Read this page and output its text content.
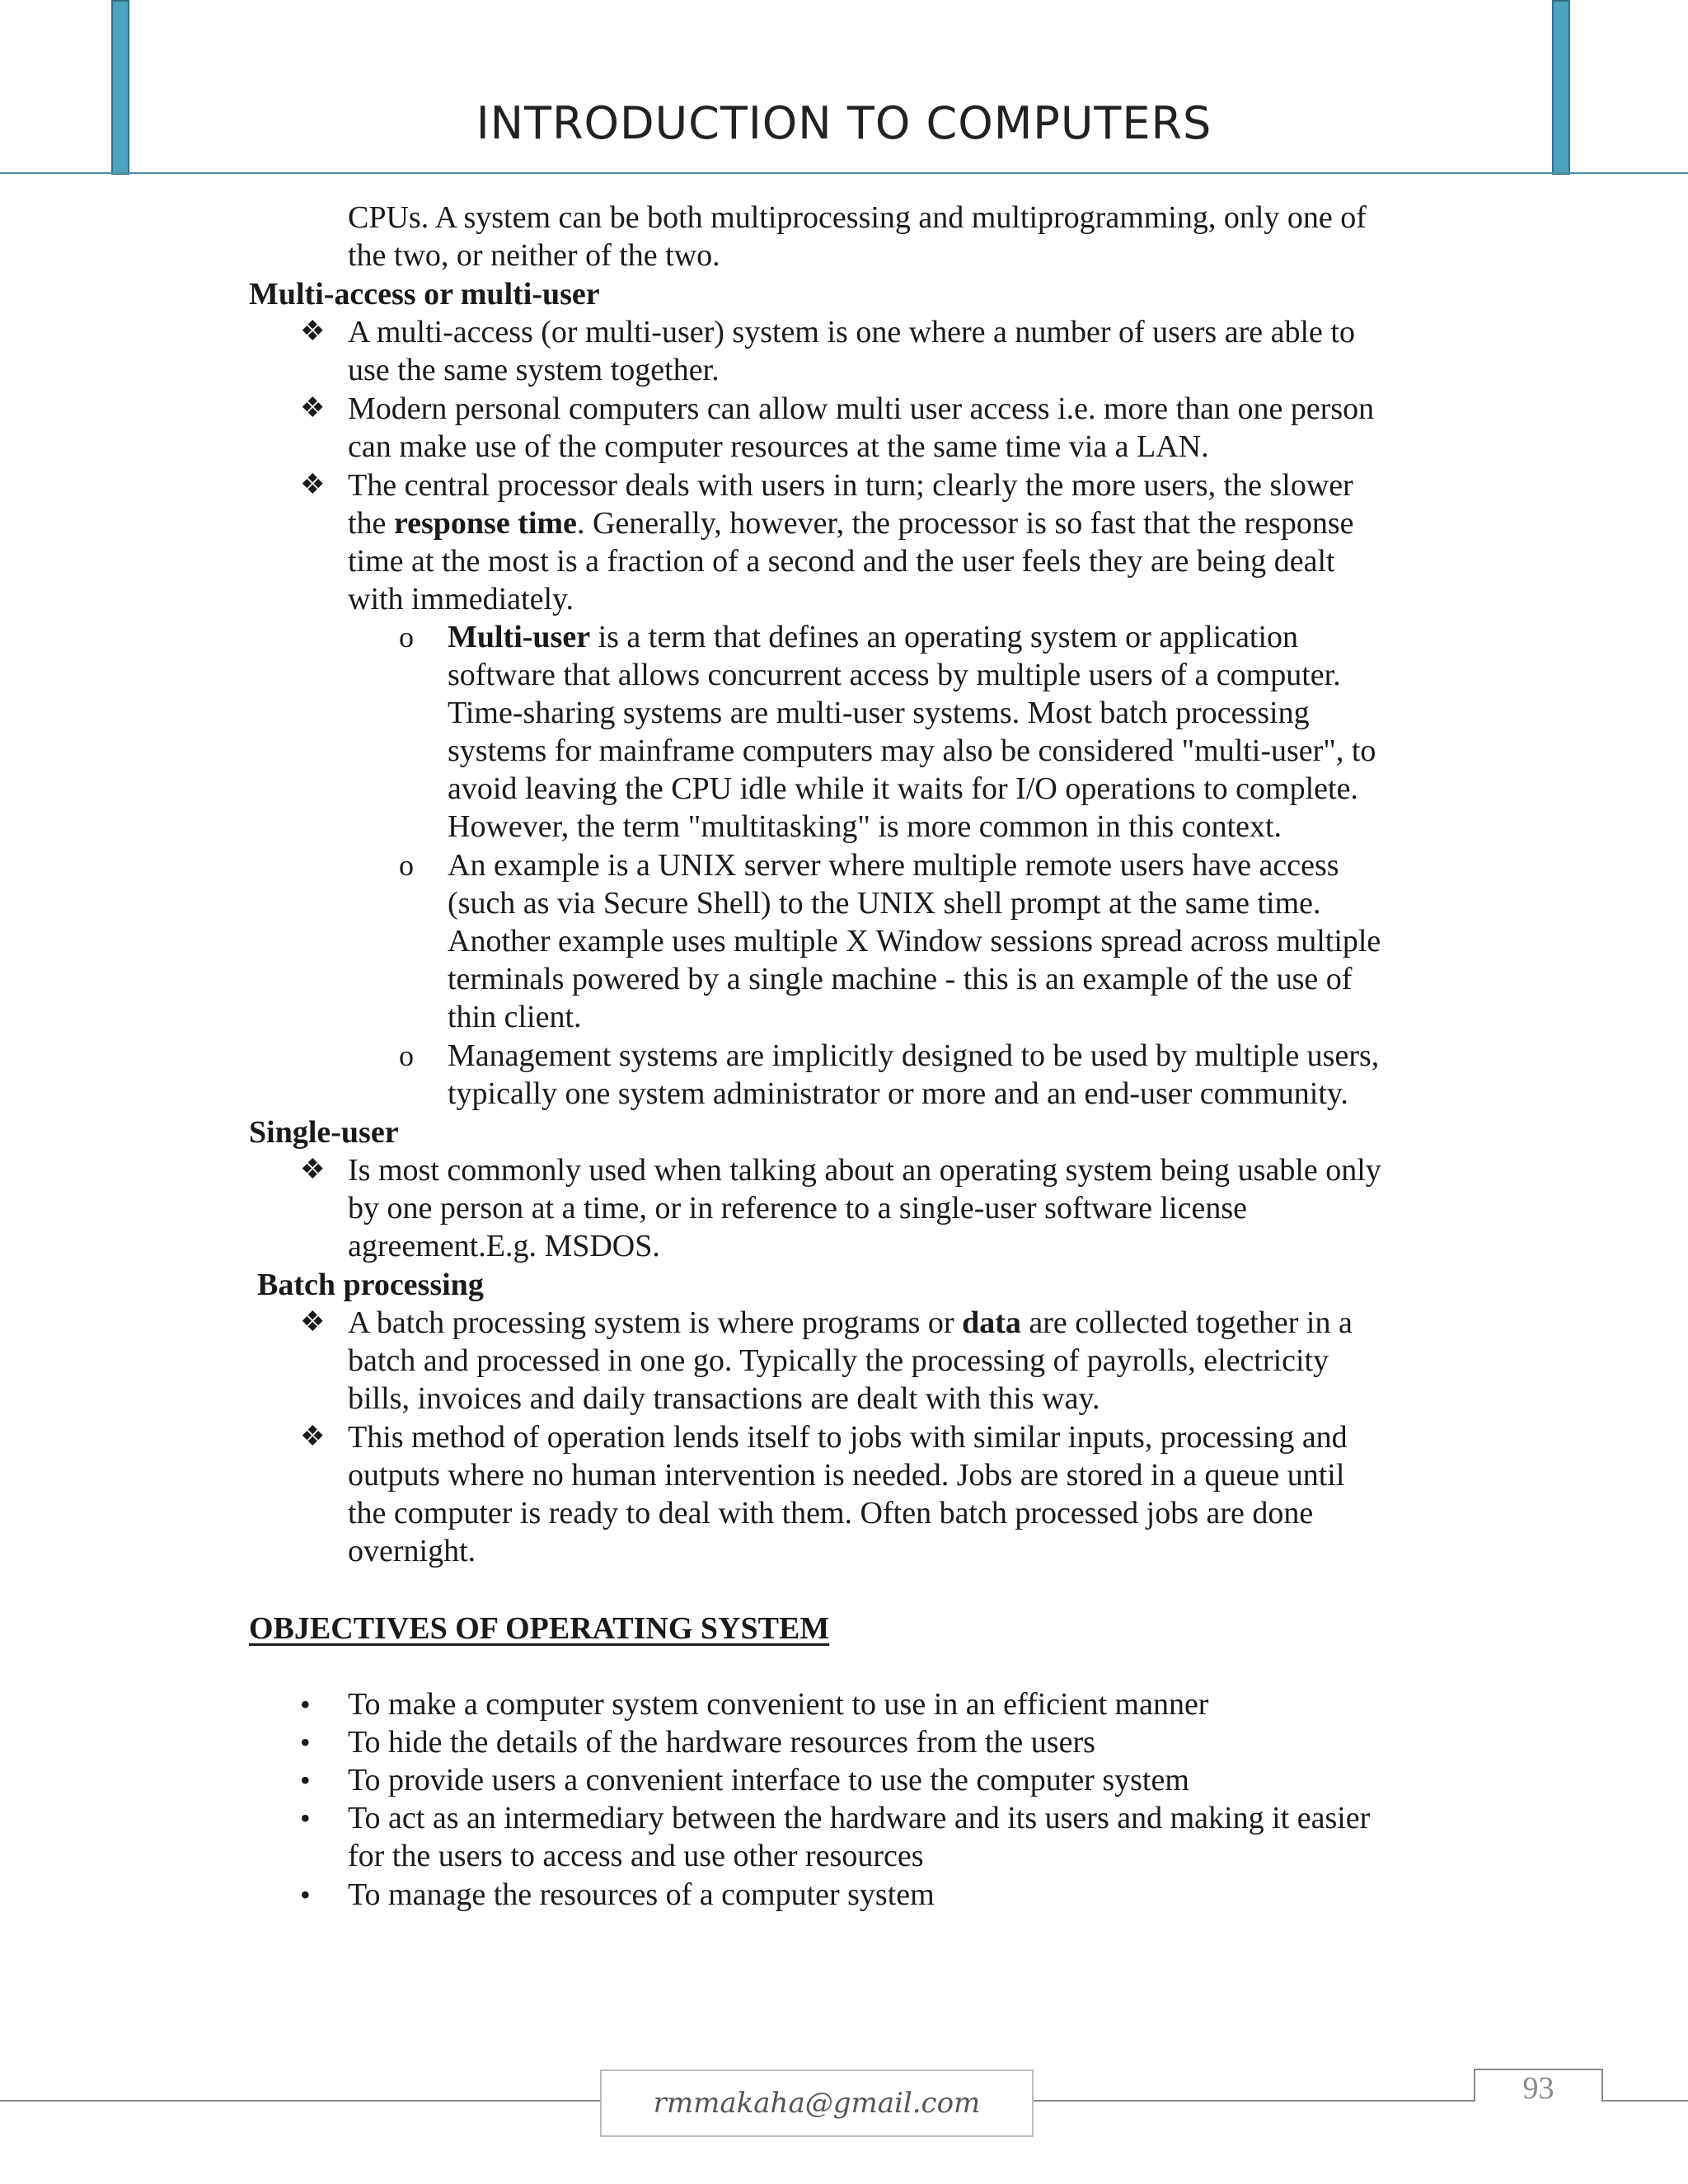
INTRODUCTION TO COMPUTERS
CPUs. A system can be both multiprocessing and multiprogramming, only one of
the two, or neither of the two.
Multi-access or multi-user
❖ A multi-access (or multi-user) system is one where a number of users are able to
use the same system together.
❖ Modern personal computers can allow multi user access i.e. more than one person
can make use of the computer resources at the same time via a LAN.
❖ The central processor deals with users in turn; clearly the more users, the slower
the response time. Generally, however, the processor is so fast that the response
time at the most is a fraction of a second and the user feels they are being dealt
with immediately.
o Multi-user is a term that defines an operating system or application
software that allows concurrent access by multiple users of a computer.
Time-sharing systems are multi-user systems. Most batch processing
systems for mainframe computers may also be considered "multi-user", to
avoid leaving the CPU idle while it waits for I/O operations to complete.
However, the term "multitasking" is more common in this context.
o An example is a UNIX server where multiple remote users have access
(such as via Secure Shell) to the UNIX shell prompt at the same time.
Another example uses multiple X Window sessions spread across multiple
terminals powered by a single machine - this is an example of the use of
thin client.
o Management systems are implicitly designed to be used by multiple users,
typically one system administrator or more and an end-user community.
Single-user
❖ Is most commonly used when talking about an operating system being usable only
by one person at a time, or in reference to a single-user software license
agreement.E.g. MSDOS.
Batch processing
❖ A batch processing system is where programs or data are collected together in a
batch and processed in one go. Typically the processing of payrolls, electricity
bills, invoices and daily transactions are dealt with this way.
❖ This method of operation lends itself to jobs with similar inputs, processing and
outputs where no human intervention is needed. Jobs are stored in a queue until
the computer is ready to deal with them. Often batch processed jobs are done
overnight.
OBJECTIVES OF OPERATING SYSTEM
• To make a computer system convenient to use in an efficient manner
• To hide the details of the hardware resources from the users
• To provide users a convenient interface to use the computer system
• To act as an intermediary between the hardware and its users and making it easier
for the users to access and use other resources
• To manage the resources of a computer system
rmmakaha@gmail.com	93
